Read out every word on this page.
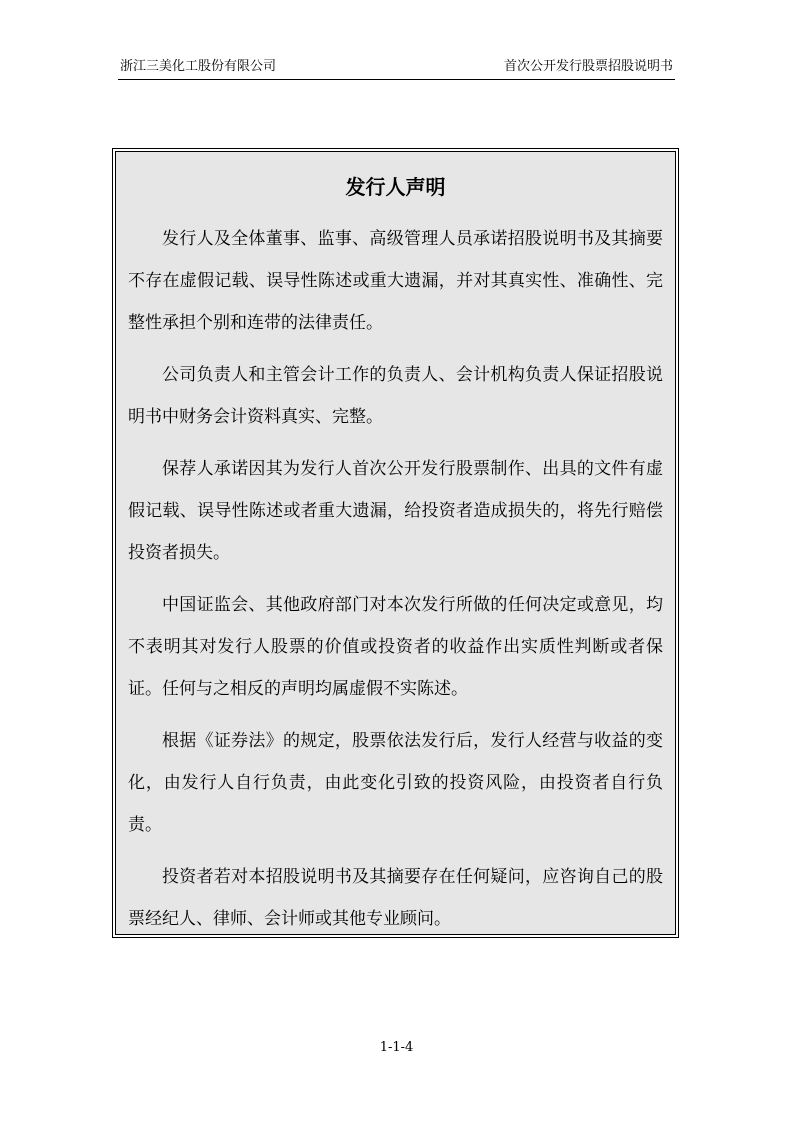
浙江三美化工股份有限公司	首次公开发行股票招股说明书
发行人声明

发行人及全体董事、监事、高级管理人员承诺招股说明书及其摘要不存在虚假记载、误导性陈述或重大遗漏，并对其真实性、准确性、完整性承担个别和连带的法律责任。

公司负责人和主管会计工作的负责人、会计机构负责人保证招股说明书中财务会计资料真实、完整。

保荐人承诺因其为发行人首次公开发行股票制作、出具的文件有虚假记载、误导性陈述或者重大遗漏，给投资者造成损失的，将先行赔偿投资者损失。

中国证监会、其他政府部门对本次发行所做的任何决定或意见，均不表明其对发行人股票的价值或投资者的收益作出实质性判断或者保证。任何与之相反的声明均属虚假不实陈述。

根据《证券法》的规定，股票依法发行后，发行人经营与收益的变化，由发行人自行负责，由此变化引致的投资风险，由投资者自行负责。

投资者若对本招股说明书及其摘要存在任何疑问，应咨询自己的股票经纪人、律师、会计师或其他专业顾问。

1-1-4
